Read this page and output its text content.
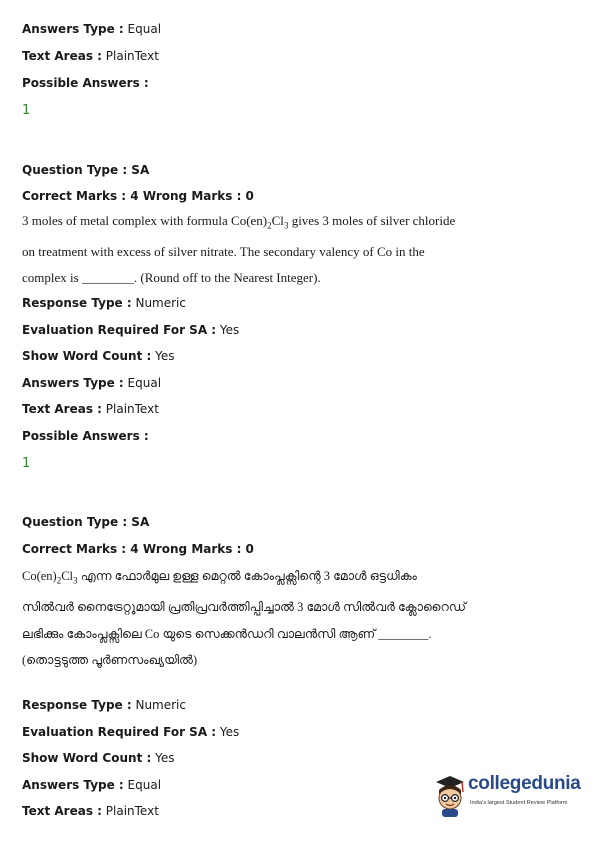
Answers Type : Equal
Text Areas : PlainText
Possible Answers :
1
Question Type : SA
Correct Marks : 4 Wrong Marks : 0
3 moles of metal complex with formula $Co(en)_2Cl_3$ gives 3 moles of silver chloride on treatment with excess of silver nitrate. The secondary valency of Co in the complex is ________. (Round off to the Nearest Integer).
Response Type : Numeric
Evaluation Required For SA : Yes
Show Word Count : Yes
Answers Type : Equal
Text Areas : PlainText
Possible Answers :
1
Question Type : SA
Correct Marks : 4 Wrong Marks : 0
$Co(en)_2Cl_3$ എന്ന ഫോർമുല ഉള്ള മെറ്റൽ കോംപ്ലക്സിന്റെ 3 മോൾ ഒട്ടധികം സിൽവർ നൈട്രേറ്റുമായി പ്രതിപ്രവർത്തിപ്പിച്ചാൽ 3 മോൾ സിൽവർ ക്ലോറൈഡ് ലഭിക്കും കോംപ്ലക്സിലെ Co യുടെ സെക്കൻഡറി വാലൻസി ആണ് ________. (തൊട്ടടുത്ത പൂർണസംഖ്യയിൽ)
Response Type : Numeric
Evaluation Required For SA : Yes
Show Word Count : Yes
Answers Type : Equal
Text Areas : PlainText
collegedunia
India's largest Student Review Platform
